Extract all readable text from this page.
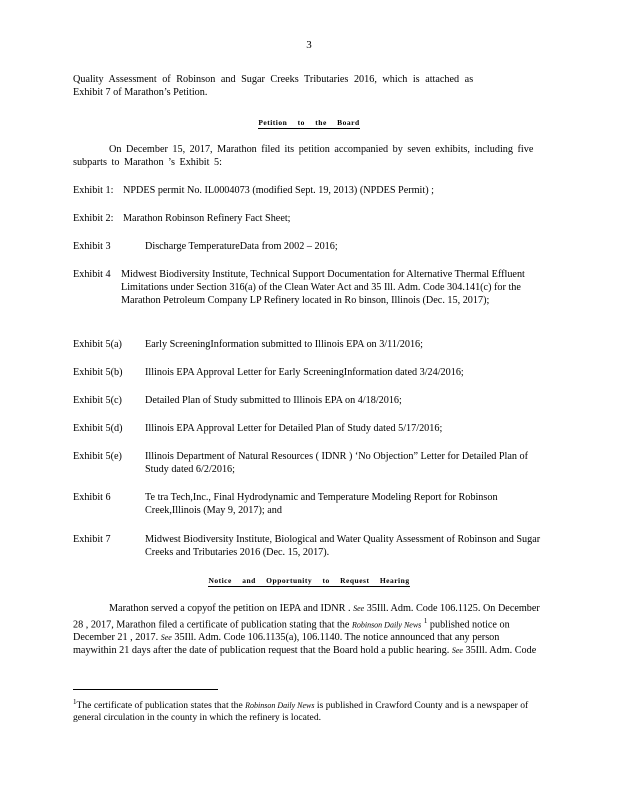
3
Quality Assessment of Robinson and Sugar Creeks Tributaries 2016, which is attached as
Exhibit 7 of Marathon’s Petition.
Petition to the Board

On December 15, 2017, Marathon filed its petition accompanied by seven exhibits, including five subparts to Marathon ’s Exhibit 5:

Exhibit 1: NPDES permit No. IL0004073 (modified Sept. 19, 2013) (NPDES Permit) ;
Exhibit 2: Marathon Robinson Refinery Fact Sheet;
Exhibit 3	Discharge TemperatureData from 2002 – 2016;
Exhibit 4 Midwest Biodiversity Institute, Technical Support Documentation for Alternative Thermal Effluent Limitations under Section 316(a) of the Clean Water Act and 35 Ill. Adm. Code 304.141(c) for the Marathon Petroleum Company LP Refinery located in Ro binson, Illinois (Dec. 15, 2017);
Exhibit 5(a) Early ScreeningInformation submitted to Illinois EPA on 3/11/2016;
Exhibit 5(b) Illinois EPA Approval Letter for Early ScreeningInformation dated 3/24/2016;
Exhibit 5(c) Detailed Plan of Study submitted to Illinois EPA on 4/18/2016;
Exhibit 5(d) Illinois EPA Approval Letter for Detailed Plan of Study dated 5/17/2016;
Exhibit 5(e) Illinois Department of Natural Resources ( IDNR ) ‘No Objection” Letter for Detailed Plan of Study dated 6/2/2016;
Exhibit 6	Te tra Tech,Inc., Final Hydrodynamic and Temperature Modeling Report for Robinson Creek,Illinois (May 9, 2017); and
Exhibit 7	Midwest Biodiversity Institute, Biological and Water Quality Assessment of Robinson and Sugar Creeks and Tributaries 2016 (Dec. 15, 2017).
Notice and Opportunity to Request Hearing

Marathon served a copyof the petition on IEPA and IDNR . See 35Ill. Adm. Code 106.1125. On December 28 , 2017, Marathon filed a certificate of publication stating that the Robinson Daily News $^1$ published notice on December 21 , 2017. See 35Ill. Adm. Code 106.1135(a), 106.1140. The notice announced that any person maywithin 21 days after the date of publication request that the Board hold a public hearing. See 35Ill. Adm. Code

$^1$The certificate of publication states that the Robinson Daily News is published in Crawford County and is a newspaper of general circulation in the county in which the refinery is located.
